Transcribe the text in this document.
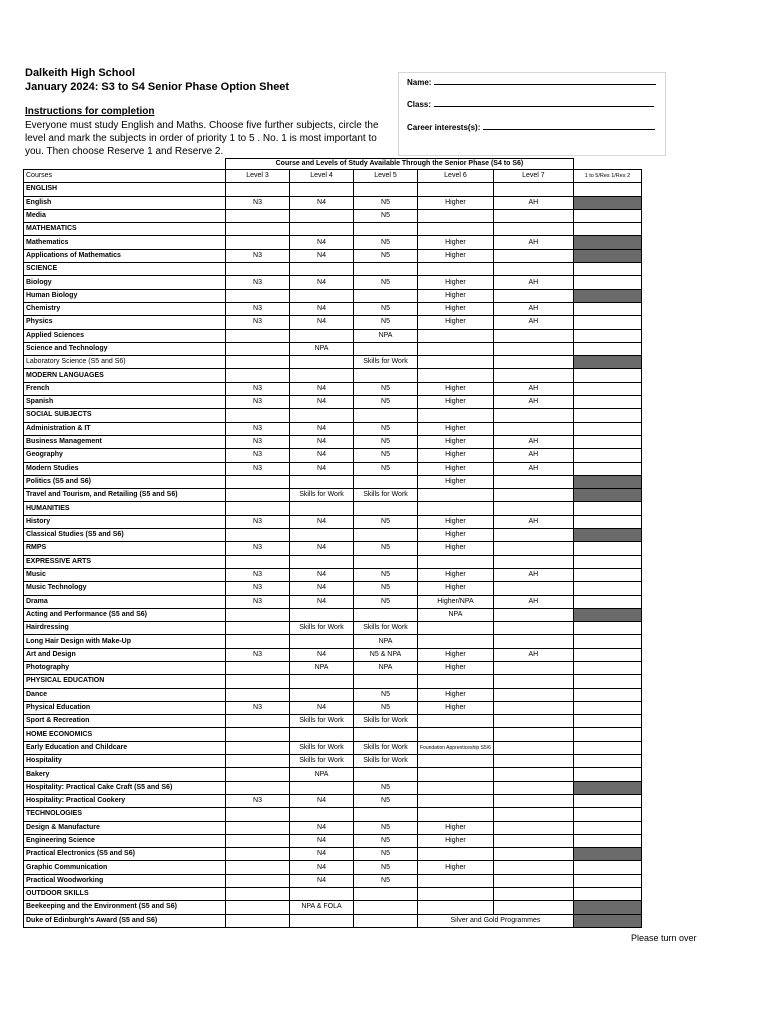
Dalkeith High School
January 2024: S3 to S4 Senior Phase Option Sheet
Instructions for completion
Everyone must study English and Maths. Choose five further subjects, circle the level and mark the subjects in order of priority 1 to 5 . No. 1 is most important to you. Then choose Reserve 1 and Reserve 2.
Name:
Class:
Career interests(s):
	Course and Levels of Study Available Through the Senior Phase (S4 to S6)					
Courses	Level 3	Level 4	Level 5	Level 6	Level 7	1 to 5/Res 1/Res 2
ENGLISH						
English	N3	N4	N5	Higher	AH	
Media			N5			
MATHEMATICS						
Mathematics		N4	N5	Higher	AH	
Applications of Mathematics	N3	N4	N5	Higher		
SCIENCE						
Biology	N3	N4	N5	Higher	AH	
Human Biology				Higher		
Chemistry	N3	N4	N5	Higher	AH	
Physics	N3	N4	N5	Higher	AH	
Applied Sciences			NPA			
Science and Technology		NPA				
Laboratory Science (S5 and S6)			Skills for Work			
MODERN LANGUAGES						
French	N3	N4	N5	Higher	AH	
Spanish	N3	N4	N5	Higher	AH	
SOCIAL SUBJECTS						
Administration & IT	N3	N4	N5	Higher		
Business Management	N3	N4	N5	Higher	AH	
Geography	N3	N4	N5	Higher	AH	
Modern Studies	N3	N4	N5	Higher	AH	
Politics (S5 and S6)				Higher		
Travel and Tourism, and Retailing (S5 and S6)		Skills for Work	Skills for Work			
HUMANITIES						
History	N3	N4	N5	Higher	AH	
Classical Studies (S5 and S6)				Higher		
RMPS	N3	N4	N5	Higher		
EXPRESSIVE ARTS						
Music	N3	N4	N5	Higher	AH	
Music Technology	N3	N4	N5	Higher		
Drama	N3	N4	N5	Higher/NPA	AH	
Acting and Performance (S5 and S6)				NPA		
Hairdressing		Skills for Work	Skills for Work			
Long Hair Design with Make-Up			NPA			
Art and Design	N3	N4	N5 & NPA	Higher	AH	
Photography		NPA	NPA	Higher		
PHYSICAL EDUCATION						
Dance			N5	Higher		
Physical Education	N3	N4	N5	Higher		
Sport & Recreation		Skills for Work	Skills for Work			
HOME ECONOMICS						
Early Education and Childcare		Skills for Work	Skills for Work	Foundation Apprenticeship S5/6		

Hospitality		Skills for Work	Skills for Work			
Bakery		NPA				
Hospitality: Practical Cake Craft (S5 and S6)			N5			
Hospitality: Practical Cookery	N3	N4	N5			
TECHNOLOGIES						
Design & Manufacture		N4	N5	Higher		
Engineering Science		N4	N5	Higher		
Practical Electronics (S5 and S6)		N4	N5			
Graphic Communication		N4	N5	Higher		
Practical Woodworking		N4	N5			
OUTDOOR SKILLS						
Beekeeping and the Environment (S5 and S6)		NPA & FOLA				
Duke of Edinburgh's Award (S5 and S6)				Silver and Gold Programmes		
Please turn over
